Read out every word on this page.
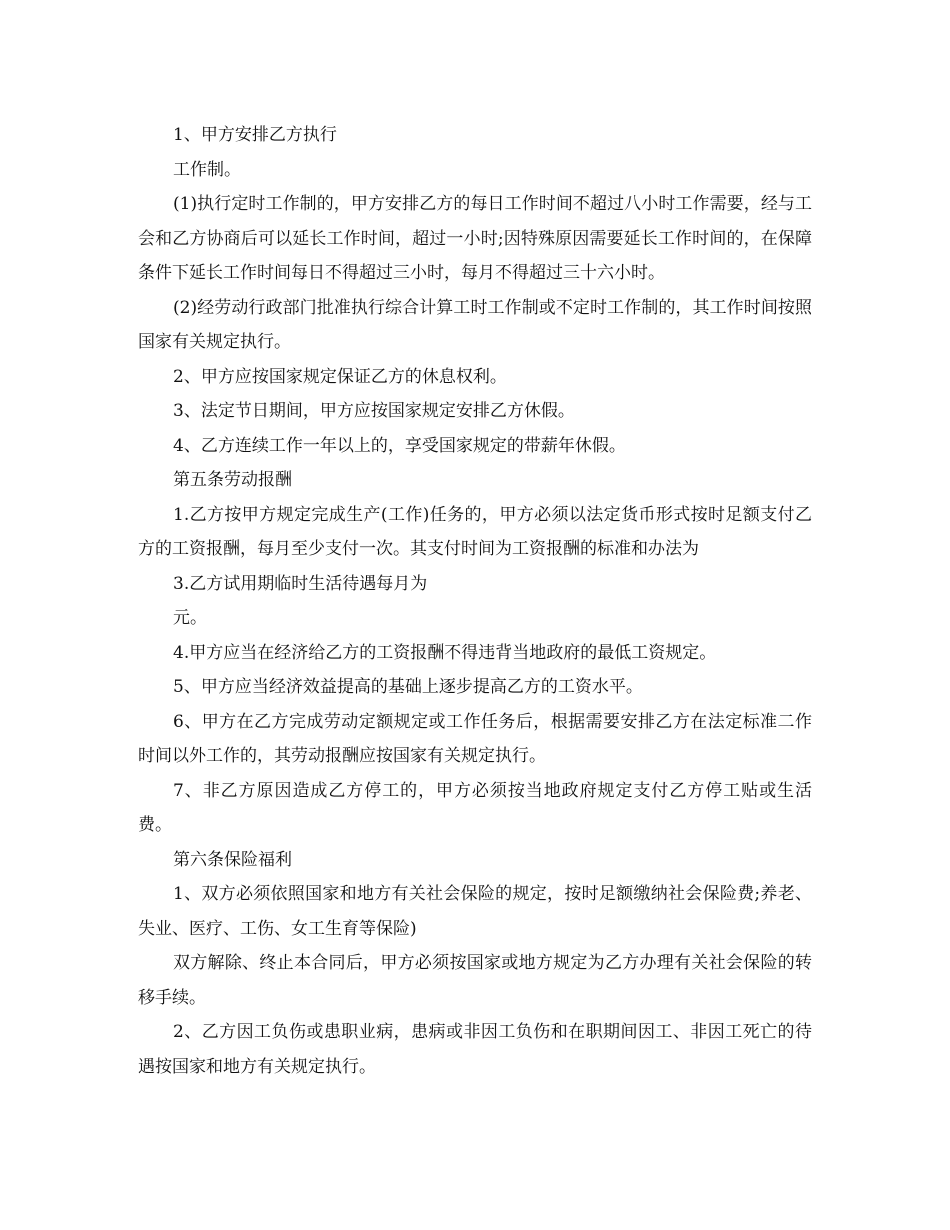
1、甲方安排乙方执行

工作制。

(1)执行定时工作制的，甲方安排乙方的每日工作时间不超过八小时工作需要，经与工会和乙方协商后可以延长工作时间，超过一小时;因特殊原因需要延长工作时间的，在保障条件下延长工作时间每日不得超过三小时，每月不得超过三十六小时。

(2)经劳动行政部门批准执行综合计算工时工作制或不定时工作制的，其工作时间按照国家有关规定执行。

2、甲方应按国家规定保证乙方的休息权利。

3、法定节日期间，甲方应按国家规定安排乙方休假。

4、乙方连续工作一年以上的，享受国家规定的带薪年休假。

第五条劳动报酬

1.乙方按甲方规定完成生产(工作)任务的，甲方必须以法定货币形式按时足额支付乙方的工资报酬，每月至少支付一次。其支付时间为工资报酬的标准和办法为

3.乙方试用期临时生活待遇每月为

元。

4.甲方应当在经济给乙方的工资报酬不得违背当地政府的最低工资规定。

5、甲方应当经济效益提高的基础上逐步提高乙方的工资水平。

6、甲方在乙方完成劳动定额规定或工作任务后，根据需要安排乙方在法定标准二作时间以外工作的，其劳动报酬应按国家有关规定执行。

7、非乙方原因造成乙方停工的，甲方必须按当地政府规定支付乙方停工贴或生活费。

第六条保险福利

1、双方必须依照国家和地方有关社会保险的规定，按时足额缴纳社会保险费;养老、失业、医疗、工伤、女工生育等保险)

双方解除、终止本合同后，甲方必须按国家或地方规定为乙方办理有关社会保险的转移手续。

2、乙方因工负伤或患职业病，患病或非因工负伤和在职期间因工、非因工死亡的待遇按国家和地方有关规定执行。
